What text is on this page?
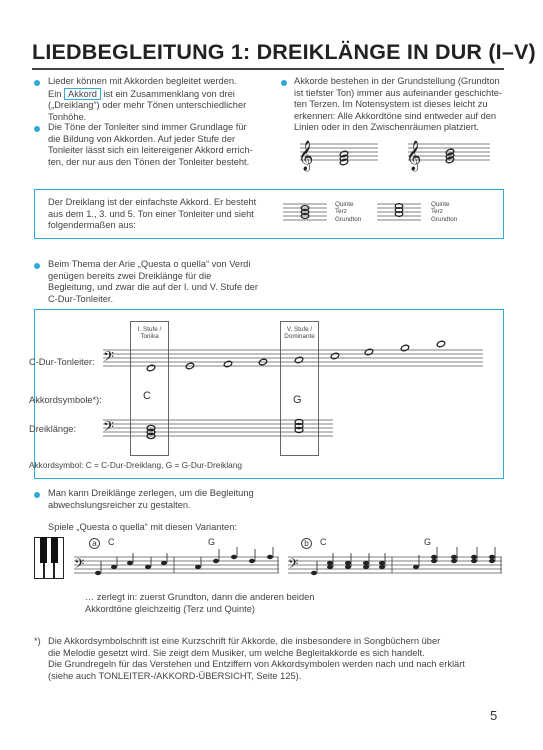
LIEDBEGLEITUNG 1: DREIKLÄNGE IN DUR (I–V)
Lieder können mit Akkorden begleitet werden.
Ein Akkord ist ein Zusammenklang von drei
(„Dreiklang“) oder mehr Tönen unterschiedlicher
Tonhöhe.
Die Töne der Tonleiter sind immer Grundlage für
die Bildung von Akkorden. Auf jeder Stufe der
Tonleiter lässt sich ein leitereigener Akkord errich-
ten, der nur aus den Tönen der Tonleiter besteht.
Akkorde bestehen in der Grundstellung (Grundton
ist tiefster Ton) immer aus aufeinander geschichte-
ten Terzen. Im Notensystem ist dieses leicht zu
erkennen: Alle Akkordtöne sind entweder auf den
Linien oder in den Zwischenräumen platziert.
𝄞	𝄞
Der Dreiklang ist der einfachste Akkord. Er besteht
aus dem 1., 3. und 5. Ton einer Tonleiter und sieht
folgendermaßen aus:
Quinte
Terz
Grundton
Quinte
Terz
Grundton
Beim Thema der Arie „Questa o quella“ von Verdi
genügen bereits zwei Dreiklänge für die
Begleitung, und zwar die auf der I. und V. Stufe der
C-Dur-Tonleiter.
I. Stufe /
Tonika
V. Stufe /
Dominante
C-Dur-Tonleiter:
Akkordsymbole*):
Dreiklänge:
𝄢
C	G
𝄢
Akkordsymbol: C = C-Dur-Dreiklang, G = G-Dur-Dreiklang
Man kann Dreiklänge zerlegen, um die Begleitung
abwechslungsreicher zu gestalten.
Spiele „Questa o quella“ mit diesen Varianten:
a	C	G
𝄢
b	C	G
𝄢
… zerlegt in: zuerst Grundton, dann die anderen beiden
Akkordtöne gleichzeitig (Terz und Quinte)
*) Die Akkordsymbolschrift ist eine Kurzschrift für Akkorde, die insbesondere in Songbüchern über
die Melodie gesetzt wird. Sie zeigt dem Musiker, um welche Begleitakkorde es sich handelt.
Die Grundregeln für das Verstehen und Entziffern von Akkordsymbolen werden nach und nach erklärt
(siehe auch TONLEITER-/AKKORD-ÜBERSICHT, Seite 125).
5
